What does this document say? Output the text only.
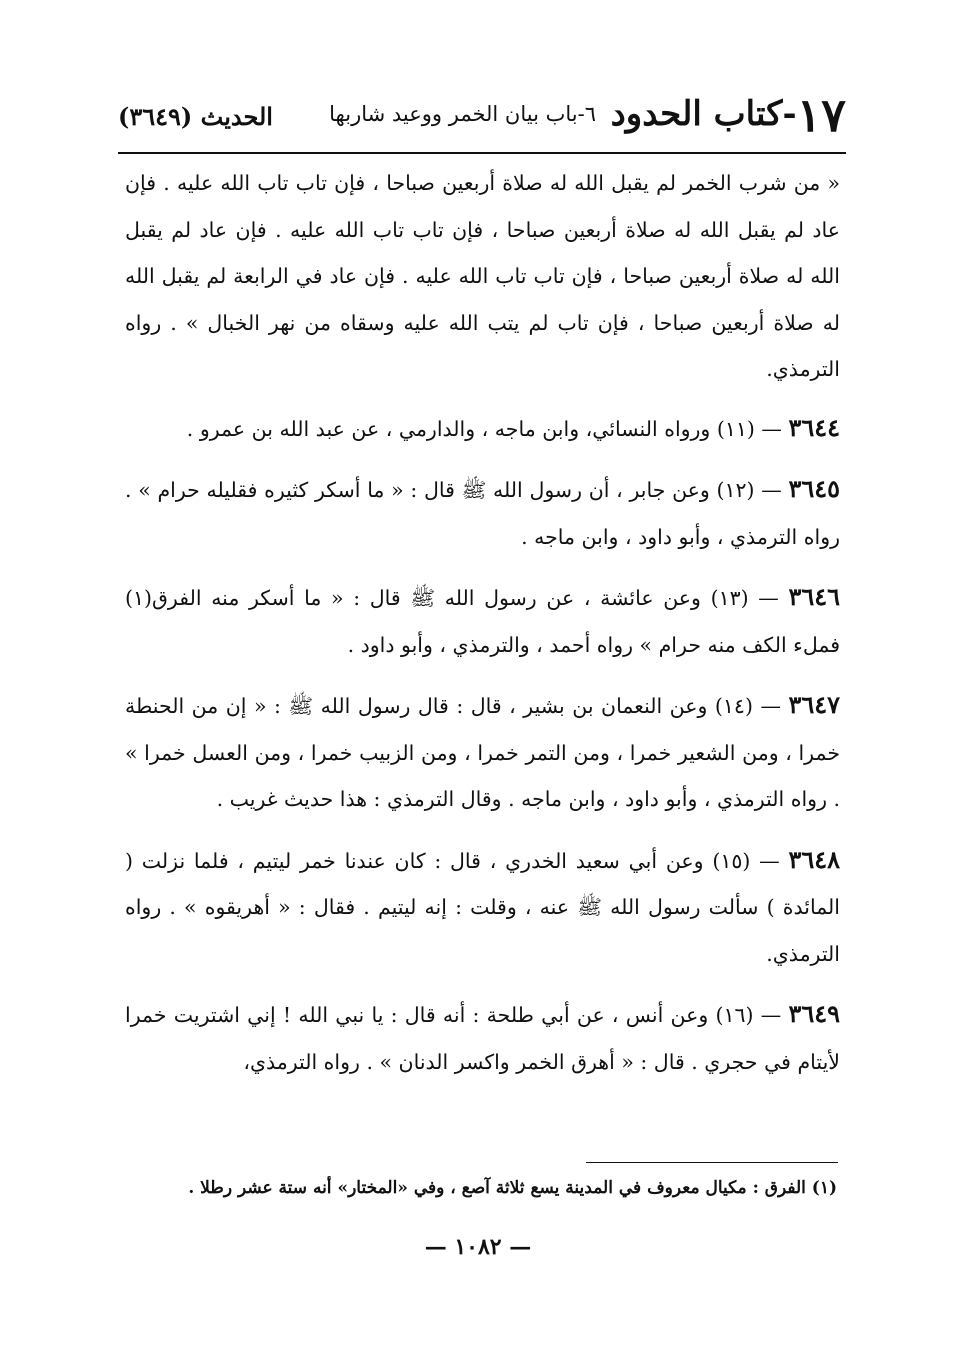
١٧-كتاب الحدود
٦-باب بيان الخمر ووعيد شاربها
الحديث (٣٦٤٩)

« من شرب الخمر لم يقبل الله له صلاة أربعين صباحا ، فإن تاب تاب الله عليه . فإن عاد لم يقبل الله له صلاة أربعين صباحا ، فإن تاب تاب الله عليه . فإن عاد لم يقبل الله له صلاة أربعين صباحا ، فإن تاب تاب الله عليه . فإن عاد في الرابعة لم يقبل الله له صلاة أربعين صباحا ، فإن تاب لم يتب الله عليه وسقاه من نهر الخبال » . رواه الترمذي.

٣٦٤٤ — (١١) ورواه النسائي، وابن ماجه ، والدارمي ، عن عبد الله بن عمرو .

٣٦٤٥ — (١٢) وعن جابر ، أن رسول الله ﷺ قال : « ما أسكر كثيره فقليله حرام » . رواه الترمذي ، وأبو داود ، وابن ماجه .

٣٦٤٦ — (١٣) وعن عائشة ، عن رسول الله ﷺ قال : « ما أسكر منه الفرق(١) فملء الكف منه حرام » رواه أحمد ، والترمذي ، وأبو داود .

٣٦٤٧ — (١٤) وعن النعمان بن بشير ، قال : قال رسول الله ﷺ : « إن من الحنطة خمرا ، ومن الشعير خمرا ، ومن التمر خمرا ، ومن الزبيب خمرا ، ومن العسل خمرا » . رواه الترمذي ، وأبو داود ، وابن ماجه . وقال الترمذي : هذا حديث غريب .

٣٦٤٨ — (١٥) وعن أبي سعيد الخدري ، قال : كان عندنا خمر ليتيم ، فلما نزلت ( المائدة ) سألت رسول الله ﷺ عنه ، وقلت : إنه ليتيم . فقال : « أهريقوه » . رواه الترمذي.

٣٦٤٩ — (١٦) وعن أنس ، عن أبي طلحة : أنه قال : يا نبي الله ! إني اشتريت خمرا لأيتام في حجري . قال : « أهرق الخمر واكسر الدنان » . رواه الترمذي،

(١) الفرق : مكيال معروف في المدينة يسع ثلاثة آصع ، وفي «المختار» أنه ستة عشر رطلا .
— ١٠٨٢ —
